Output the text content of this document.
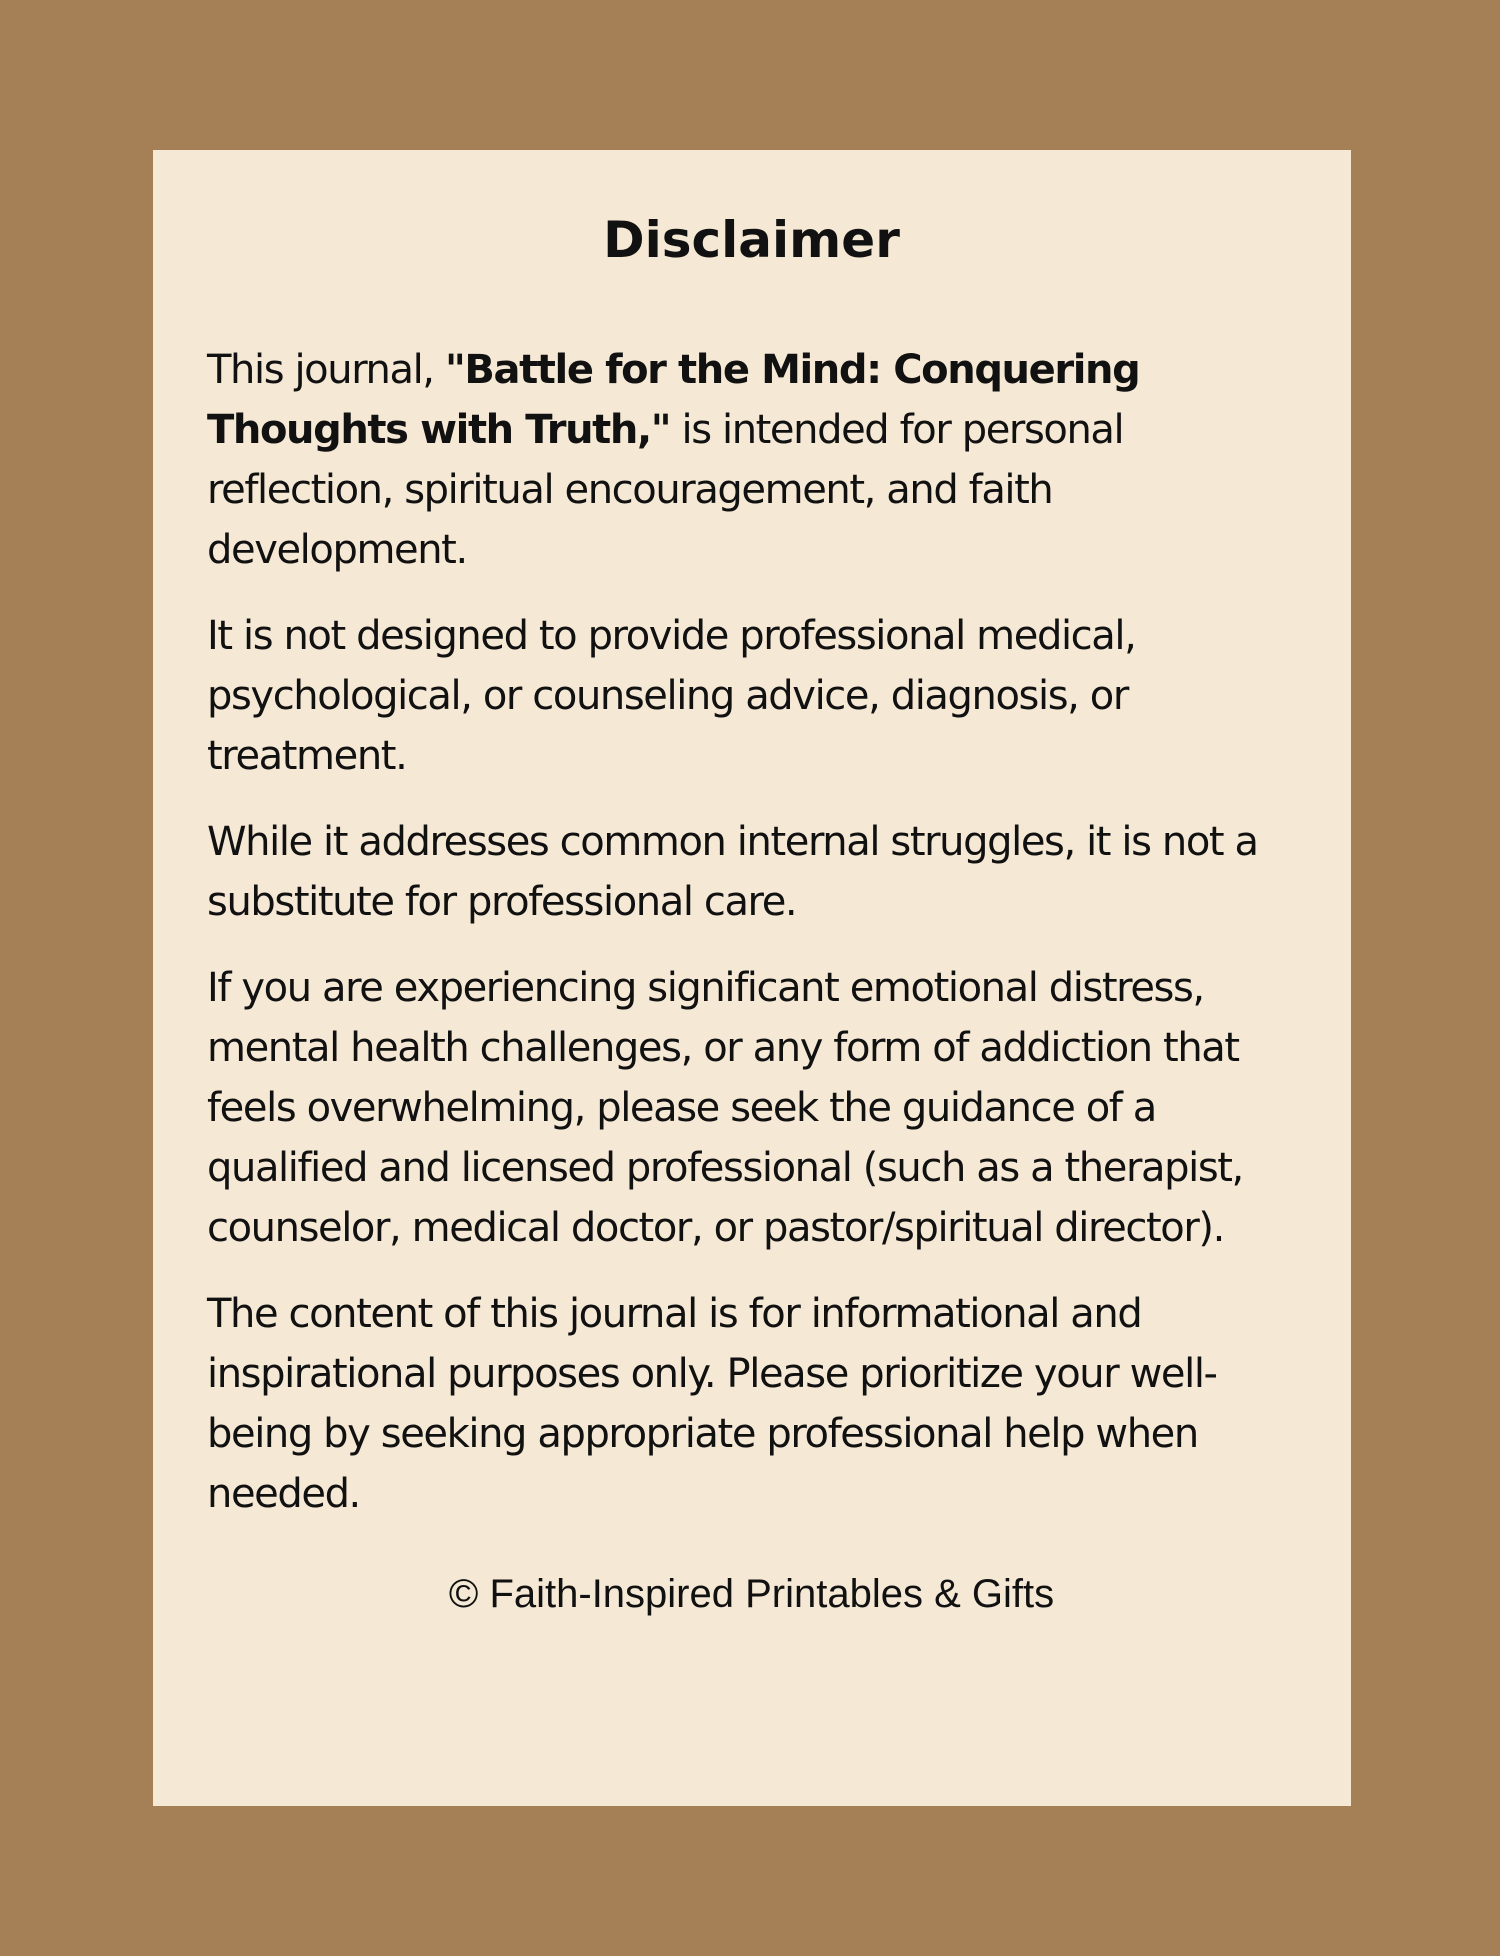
Disclaimer

This journal, "Battle for the Mind: Conquering Thoughts with Truth," is intended for personal reflection, spiritual encouragement, and faith development.

It is not designed to provide professional medical, psychological, or counseling advice, diagnosis, or treatment.

While it addresses common internal struggles, it is not a substitute for professional care.

If you are experiencing significant emotional distress, mental health challenges, or any form of addiction that feels overwhelming, please seek the guidance of a qualified and licensed professional (such as a therapist, counselor, medical doctor, or pastor/spiritual director).

The content of this journal is for informational and inspirational purposes only. Please prioritize your well-being by seeking appropriate professional help when needed.

© Faith-Inspired Printables & Gifts
